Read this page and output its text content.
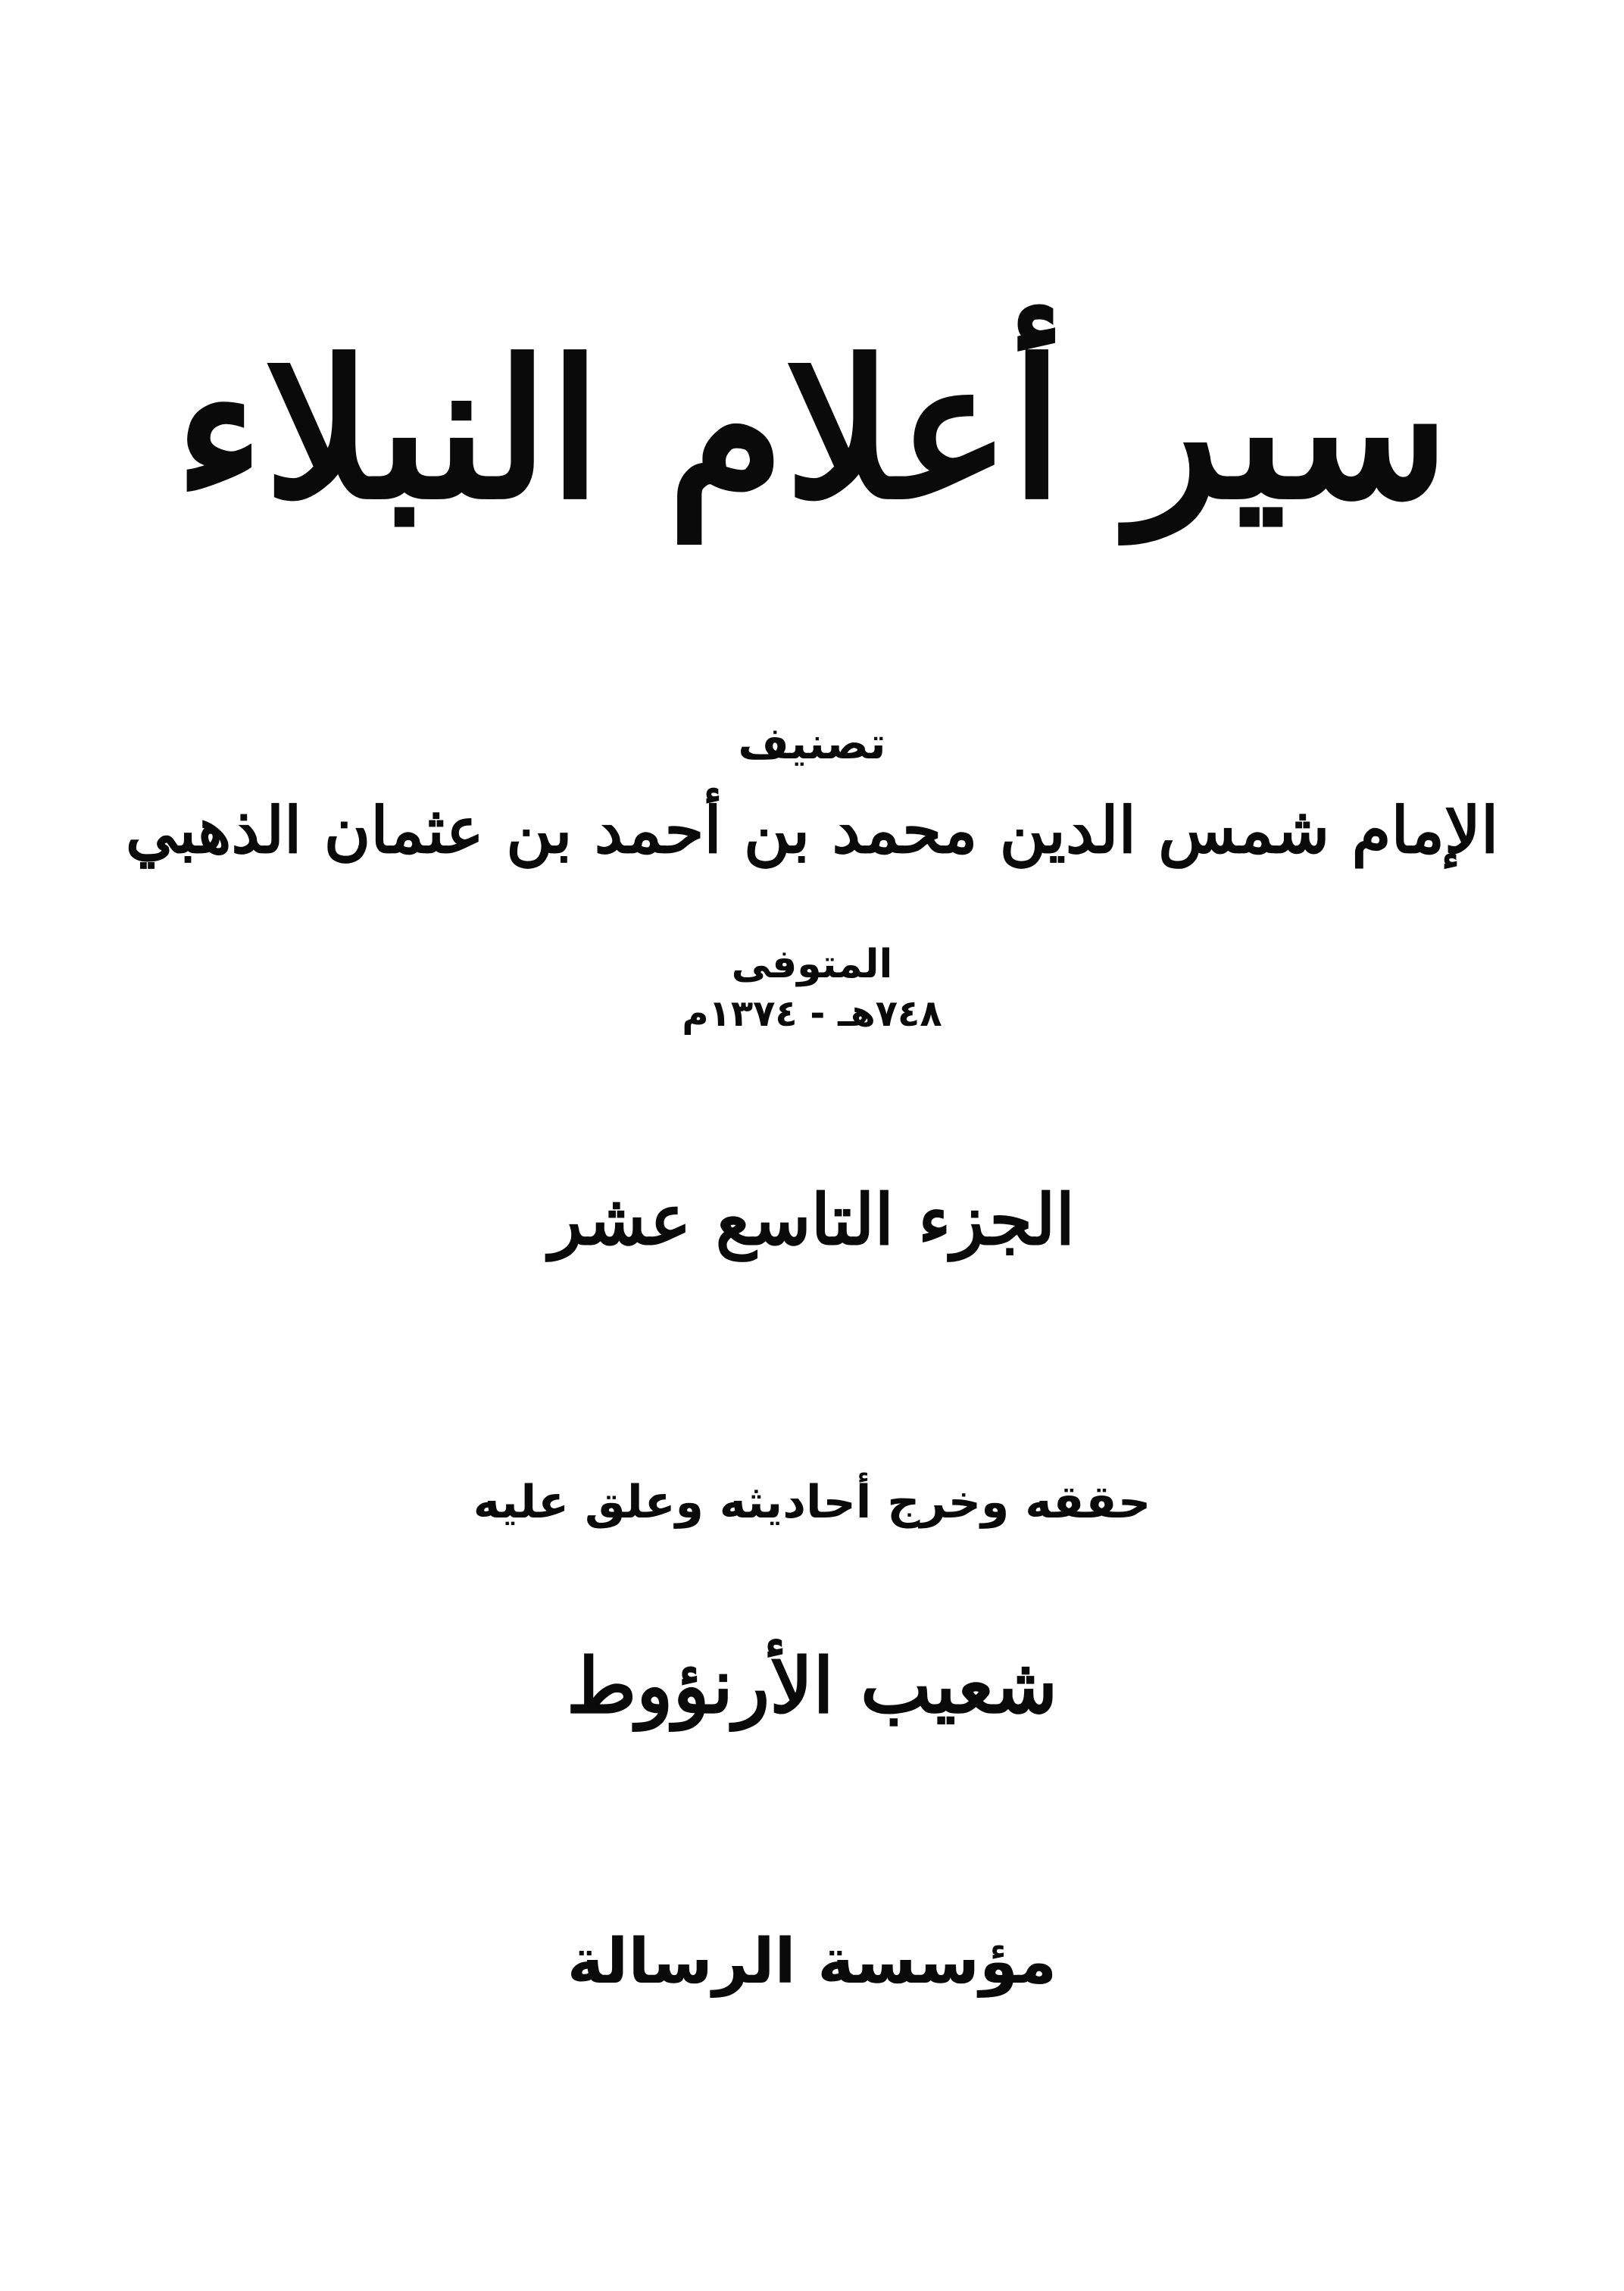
سير أعلام النبلاء
تصنيف
الإمام شمس الدين محمد بن أحمد بن عثمان الذهبي
المتوفى
٧٤٨هـ - ١٣٧٤م
الجزء التاسع عشر
حققه وخرج أحاديثه وعلق عليه
شعيب الأرنؤوط
مؤسسة الرسالة
